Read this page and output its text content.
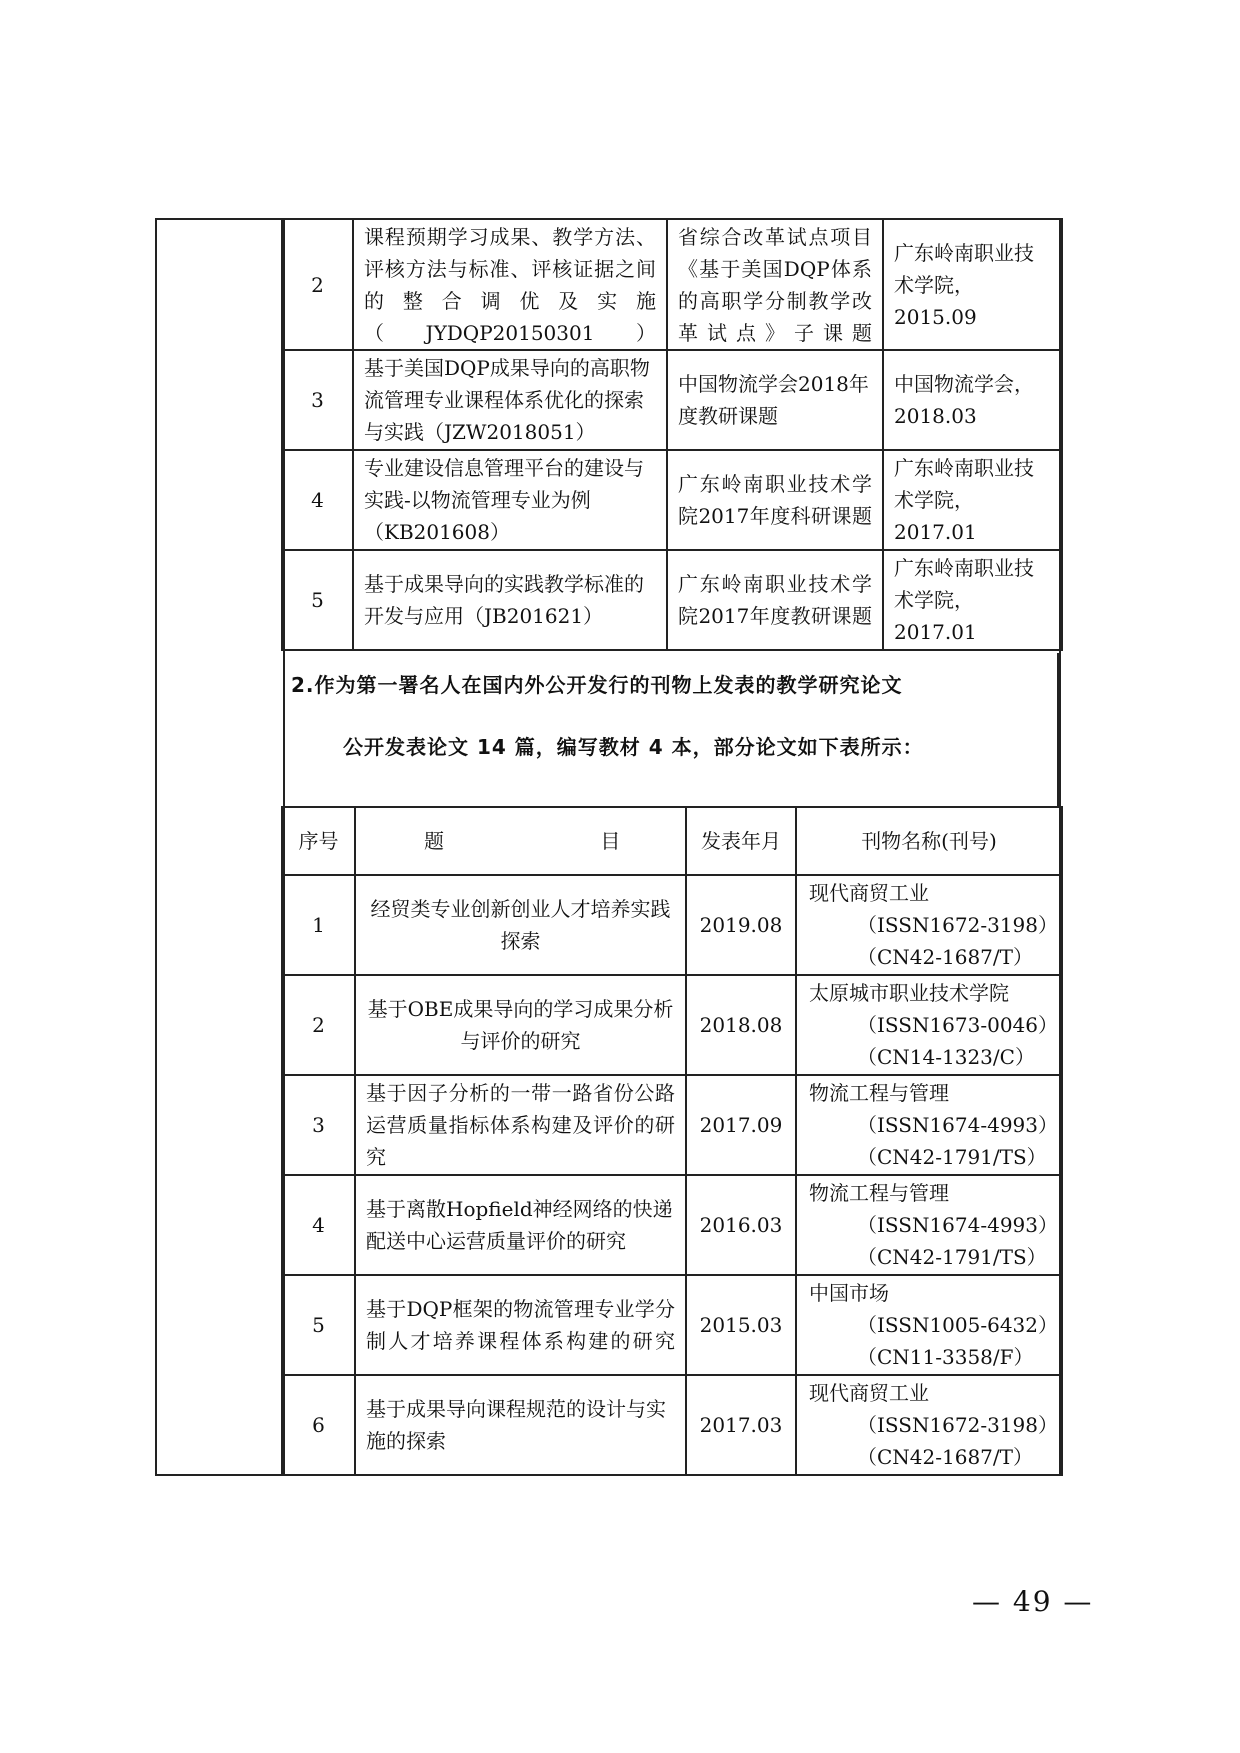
2	课程预期学习成果、教学方法、评核方法与标准、评核证据之间的整合调优及实施（JYDQP20150301）	省综合改革试点项目《基于美国DQP体系的高职学分制教学改革试点》子课题	广东岭南职业技术学院，2015.09
3	基于美国DQP成果导向的高职物流管理专业课程体系优化的探索与实践（JZW2018051）	中国物流学会2018年度教研课题	中国物流学会，2018.03
4	专业建设信息管理平台的建设与实践-以物流管理专业为例（KB201608）	广东岭南职业技术学院2017年度科研课题	广东岭南职业技术学院，2017.01
5	基于成果导向的实践教学标准的开发与应用（JB201621）	广东岭南职业技术学院2017年度教研课题	广东岭南职业技术学院，2017.01
2.作为第一署名人在国内外公开发行的刊物上发表的教学研究论文
公开发表论文 14 篇，编写教材 4 本，部分论文如下表所示：
序号	题 目	发表年月	刊物名称(刊号)
1	经贸类专业创新创业人才培养实践探索	2019.08	现代商贸工业
（ISSN1672-3198）
（CN42-1687/T）

2	基于OBE成果导向的学习成果分析与评价的研究	2018.08	太原城市职业技术学院
（ISSN1673-0046）
（CN14-1323/C）

3	基于因子分析的一带一路省份公路运营质量指标体系构建及评价的研究	2017.09	物流工程与管理
（ISSN1674-4993）
（CN42-1791/TS）

4	基于离散Hopfield神经网络的快递配送中心运营质量评价的研究	2016.03	物流工程与管理
（ISSN1674-4993）
（CN42-1791/TS）

5	基于DQP框架的物流管理专业学分制人才培养课程体系构建的研究	2015.03	中国市场
（ISSN1005-6432）
（CN11-3358/F）

6	基于成果导向课程规范的设计与实施的探索	2017.03	现代商贸工业
（ISSN1672-3198）
（CN42-1687/T）
— 49 —
